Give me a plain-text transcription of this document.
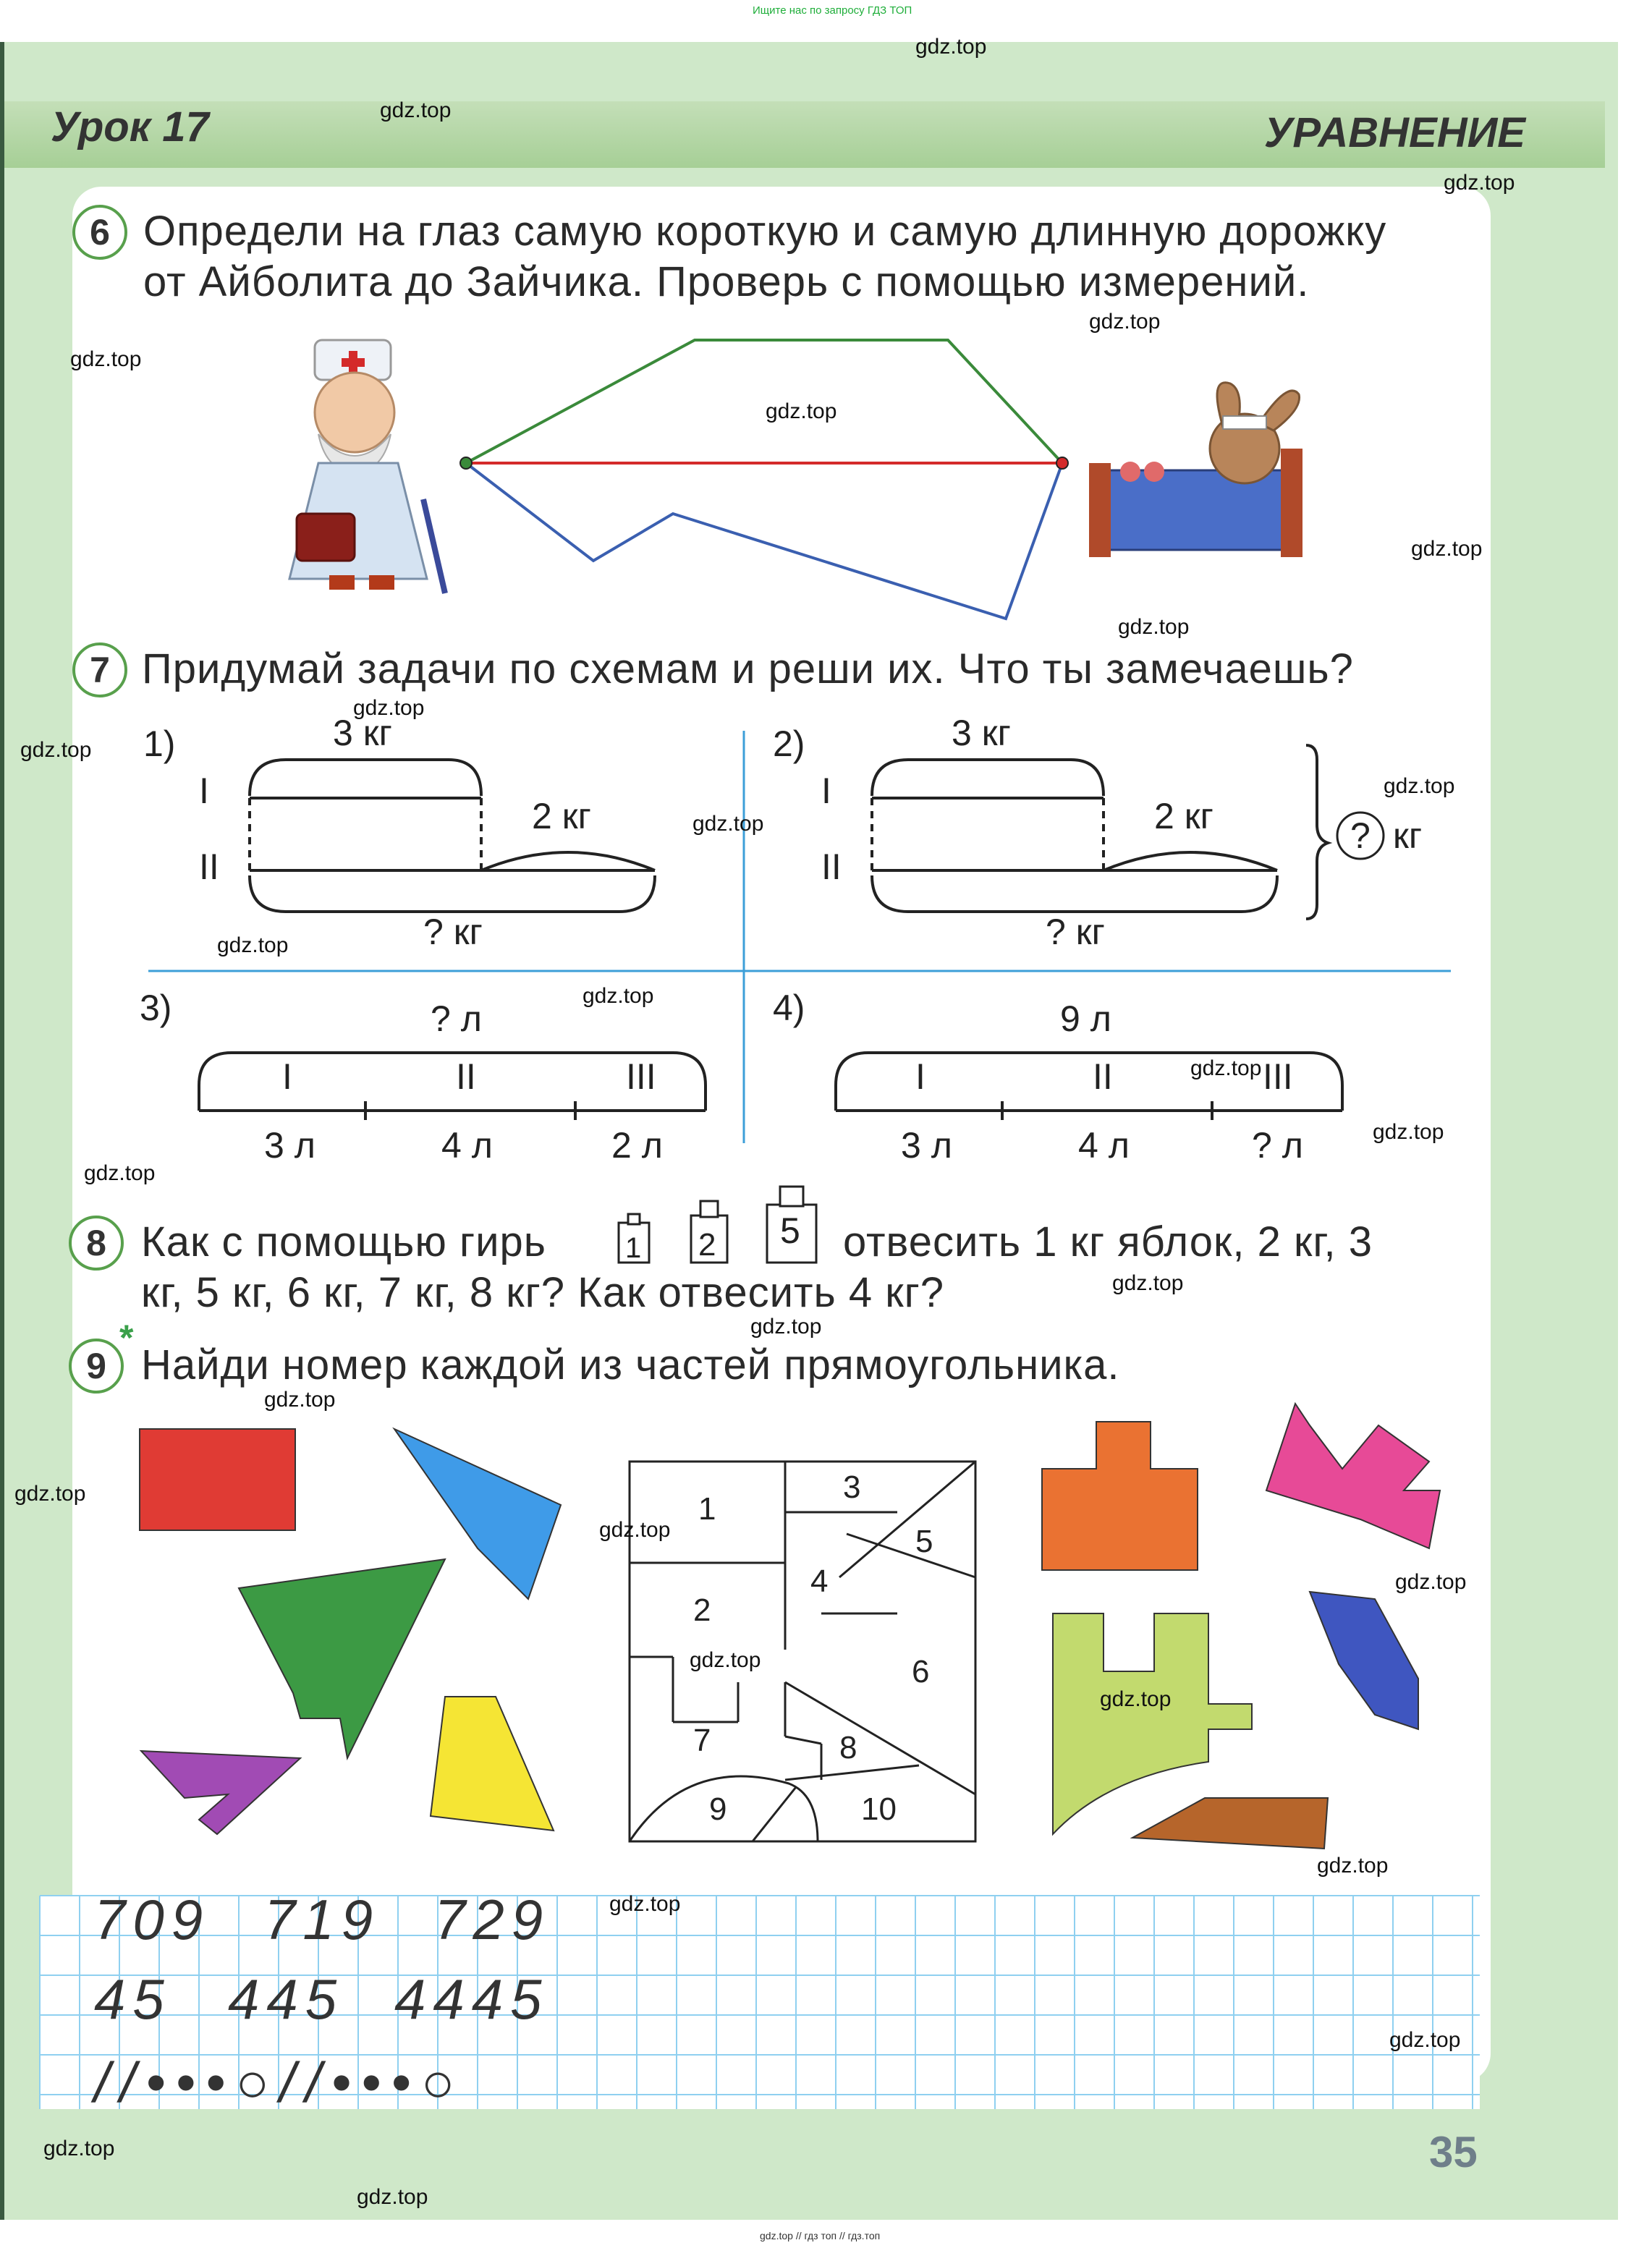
Ищите нас по запросу ГДЗ ТОП
Урок 17	УРАВНЕНИЕ
6 Определи на глаз самую короткую и самую длинную дорожку
от Айболита до Зайчика. Проверь с помощью измерений.
7 Придумай задачи по схемам и реши их. Что ты замечаешь?
8 Как с помощью гирь	отвесить 1 кг яблок, 2 кг, 3
кг, 5 кг, 6 кг, 7 кг, 8 кг? Как отвесить 4 кг?
9
*
Найди номер каждой из частей прямоугольника.
1)	3 кг
2 кг
? кг
I
II
2)	3 кг
2 кг
? кг
I
II
? кг
3)	? л
I	II	III
3 л	4 л	2 л
4)	9 л
I	II	III
3 л	4 л	? л
1 2 5
1
2
3
4
5
6
7	8
9	10
709 719 729
45 445 4445
//•••○//•••○
35
gdz.top
gdz.top
gdz.top
gdz.top
gdz.top
gdz.top
gdz.top
gdz.top
gdz.top
gdz.top
gdz.top
gdz.top
gdz.top
gdz.top
gdz.top
gdz.top
gdz.top
gdz.top
gdz.top
gdz.top
gdz.top
gdz.top
gdz.top
gdz.top
gdz.top
gdz.top
gdz.top
gdz.top
gdz.top
gdz.top
gdz.top // гдз топ // гдз.топ
